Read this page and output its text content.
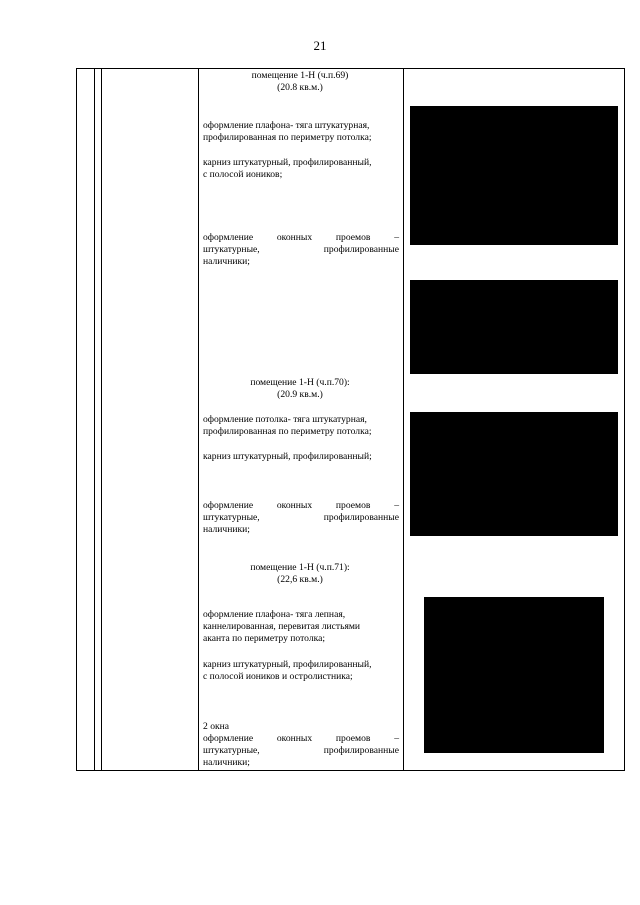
21
помещение 1-Н (ч.п.69)
(20.8 кв.м.)
оформление плафона- тяга штукатурная,
профилированная по периметру потолка;
карниз штукатурный, профилированный,
с полосой иоников;
оформление оконных проемов –
штукатурные, профилированные
наличники;
помещение 1-Н (ч.п.70):
(20.9 кв.м.)
оформление потолка- тяга штукатурная,
профилированная по периметру потолка;
карниз штукатурный, профилированный;
оформление оконных проемов –
штукатурные, профилированные
наличники;
помещение 1-Н (ч.п.71):
(22,6 кв.м.)
оформление плафона- тяга лепная,
каннелированная, перевитая листьями
аканта по периметру потолка;
карниз штукатурный, профилированный,
с полосой иоников и остролистника;
2 окна
оформление оконных проемов –
штукатурные, профилированные
наличники;
